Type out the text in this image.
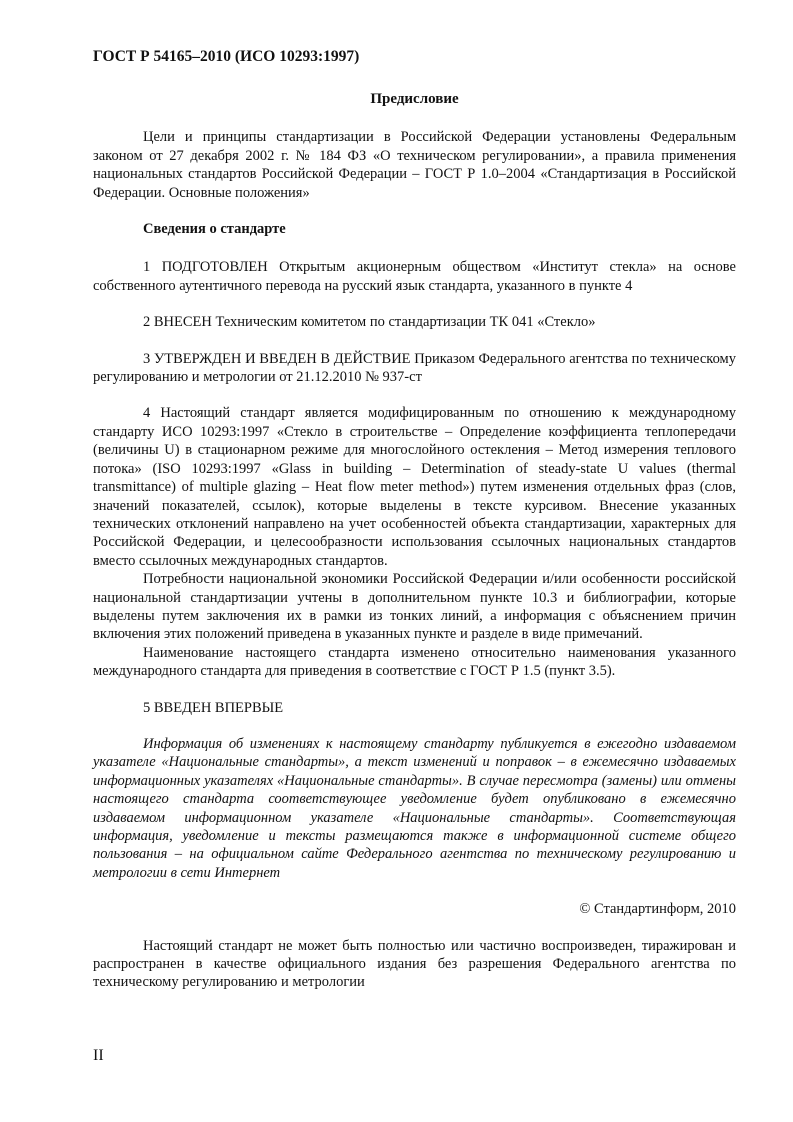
ГОСТ Р 54165–2010 (ИСО 10293:1997)
Предисловие

Цели и принципы стандартизации в Российской Федерации установлены Федеральным законом от 27 декабря 2002 г. № 184 ФЗ «О техническом регулировании», а правила применения национальных стандартов Российской Федерации – ГОСТ Р 1.0–2004 «Стандартизация в Российской Федерации. Основные положения»

Сведения о стандарте

1 ПОДГОТОВЛЕН Открытым акционерным обществом «Институт стекла» на основе собственного аутентичного перевода на русский язык стандарта, указанного в пункте 4

2 ВНЕСЕН Техническим комитетом по стандартизации ТК 041 «Стекло»

3 УТВЕРЖДЕН И ВВЕДЕН В ДЕЙСТВИЕ Приказом Федерального агентства по техническому регулированию и метрологии от 21.12.2010 № 937-ст

4 Настоящий стандарт является модифицированным по отношению к международному стандарту ИСО 10293:1997 «Стекло в строительстве – Определение коэффициента теплопередачи (величины U) в стационарном режиме для многослойного остекления – Метод измерения теплового потока» (ISO 10293:1997 «Glass in building – Determination of steady-state U values (thermal transmittance) of multiple glazing – Heat flow meter method») путем изменения отдельных фраз (слов, значений показателей, ссылок), которые выделены в тексте курсивом. Внесение указанных технических отклонений направлено на учет особенностей объекта стандартизации, характерных для Российской Федерации, и целесообразности использования ссылочных национальных стандартов вместо ссылочных международных стандартов.

Потребности национальной экономики Российской Федерации и/или особенности российской национальной стандартизации учтены в дополнительном пункте 10.3 и библиографии, которые выделены путем заключения их в рамки из тонких линий, а информация с объяснением причин включения этих положений приведена в указанных пункте и разделе в виде примечаний.

Наименование настоящего стандарта изменено относительно наименования указанного международного стандарта для приведения в соответствие с ГОСТ Р 1.5 (пункт 3.5).

5 ВВЕДЕН ВПЕРВЫЕ

Информация об изменениях к настоящему стандарту публикуется в ежегодно издаваемом указателе «Национальные стандарты», а текст изменений и поправок – в ежемесячно издаваемых информационных указателях «Национальные стандарты». В случае пересмотра (замены) или отмены настоящего стандарта соответствующее уведомление будет опубликовано в ежемесячно издаваемом информационном указателе «Национальные стандарты». Соответствующая информация, уведомление и тексты размещаются также в информационной системе общего пользования – на официальном сайте Федерального агентства по техническому регулированию и метрологии в сети Интернет

© Стандартинформ, 2010

Настоящий стандарт не может быть полностью или частично воспроизведен, тиражирован и распространен в качестве официального издания без разрешения Федерального агентства по техническому регулированию и метрологии

II
